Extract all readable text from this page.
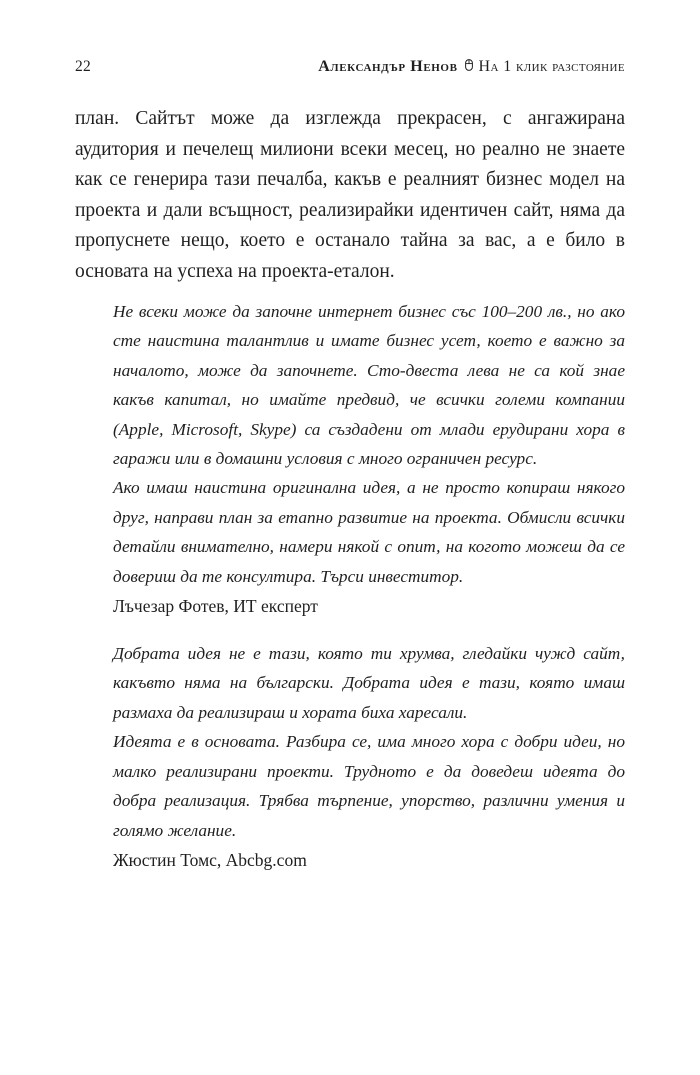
22	Александър Ненов На 1 клик разстояние
план. Сайтът може да изглежда прекрасен, с ангажирана аудитория и печелещ милиони всеки месец, но реално не знаете как се генерира тази печалба, какъв е реалният бизнес модел на проекта и дали всъщност, реализирайки идентичен сайт, няма да пропуснете нещо, което е останало тайна за вас, а е било в основата на успеха на проекта-еталон.

Не всеки може да започне интернет бизнес със 100–200 лв., но ако сте наистина талантлив и имате бизнес усет, което е важно за началото, може да започнете. Сто-двеста лева не са кой знае какъв капитал, но имайте предвид, че всички големи компании (Apple, Microsoft, Skype) са създадени от млади ерудирани хора в гаражи или в домашни условия с много ограничен ресурс.

Ако имаш наистина оригинална идея, а не просто копираш някого друг, направи план за етапно развитие на проекта. Обмисли всички детайли внимателно, намери някой с опит, на когото можеш да се довериш да те консултира. Търси инвеститор.

Лъчезар Фотев, ИТ експерт

Добрата идея не е тази, която ти хрумва, гледайки чужд сайт, какъвто няма на български. Добрата идея е тази, която имаш размаха да реализираш и хората биха харесали.

Идеята е в основата. Разбира се, има много хора с добри идеи, но малко реализирани проекти. Трудното е да доведеш идеята до добра реализация. Трябва търпение, упорство, различни умения и голямо желание.

Жюстин Томс, Abcbg.com
